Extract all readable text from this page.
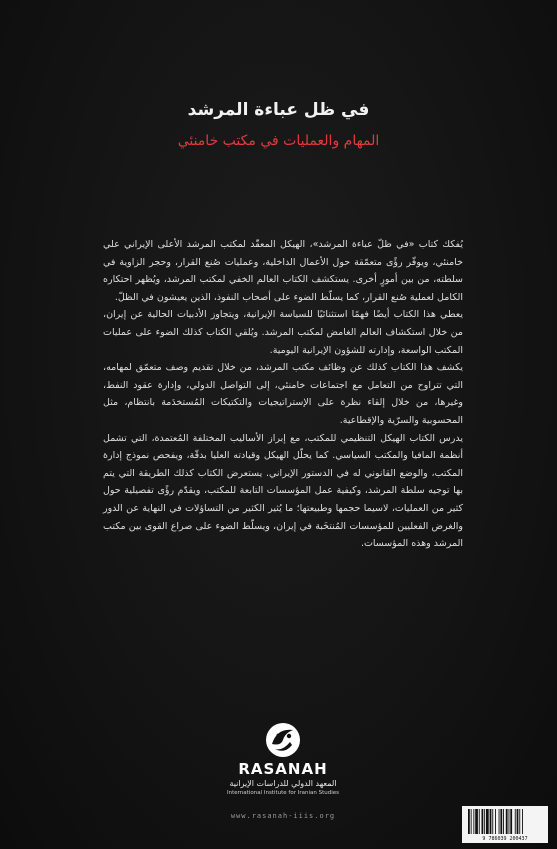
في ظل عباءة المرشد
المهام والعمليات في مكتب خامنئي

يُفكك كتاب «في ظلّ عباءة المرشد»، الهيكل المعقّد لمكتب المرشد الأعلى الإيراني علي خامنئي، ويوفّر رؤًى متعمّقة حول الأعمال الداخلية، وعمليات صُنع القرار، وحجر الزاوية في سلطته، من بين أمورٍ أخرى. يستكشف الكتاب العالم الخفي لمكتب المرشد، ويُظهر احتكاره الكامل لعملية صُنع القرار، كما يسلّط الضوء على أصحاب النفوذ، الذين يعيشون في الظلّ.

يعطي هذا الكتاب أيضًا فهمًا استثنائيًا للسياسة الإيرانية، ويتجاوز الأدبيات الحالية عن إيران، من خلال استكشاف العالم الغامض لمكتب المرشد. ويُلقي الكتاب كذلك الضوء على عمليات المكتب الواسعة، وإدارته للشؤون الإيرانية اليومية.

يكشف هذا الكتاب كذلك عن وظائف مكتب المرشد، من خلال تقديم وصف متعمّق لمهامه، التي تتراوح من التعامل مع اجتماعات خامنئي، إلى التواصل الدولي، وإدارة عقود النفط، وغيرها، من خلال إلقاء نظرة على الإستراتيجيات والتكتيكات المُستخدَمة بانتظام، مثل المحسوبية والسرّية والإقطاعية.

يدرس الكتاب الهيكل التنظيمي للمكتب، مع إبراز الأساليب المختلفة المُعتمدة، التي تشمل أنظمة المافيا والمكتب السياسي. كما يحلّل الهيكل وقيادته العليا بدقّة، ويفحص نموذج إدارة المكتب، والوضع القانوني له في الدستور الإيراني. يستعرض الكتاب كذلك الطريقة التي يتم بها توجيه سلطة المرشد، وكيفية عمل المؤسسات التابعة للمكتب، ويقدّم رؤًى تفصيلية حول كثير من العمليات، لاسيما حجمها وطبيعتها؛ ما يُثير الكثير من التساؤلات في النهاية عن الدور والغرض الفعليين للمؤسسات المُنتخَبة في إيران، ويسلّط الضوء على صراع القوى بين مكتب المرشد وهذه المؤسسات.

RASANAH
المعهد الدولي للدراسات الإيرانية
International Institute for Iranian Studies
www.rasanah-iiis.org
9 786039 200437
